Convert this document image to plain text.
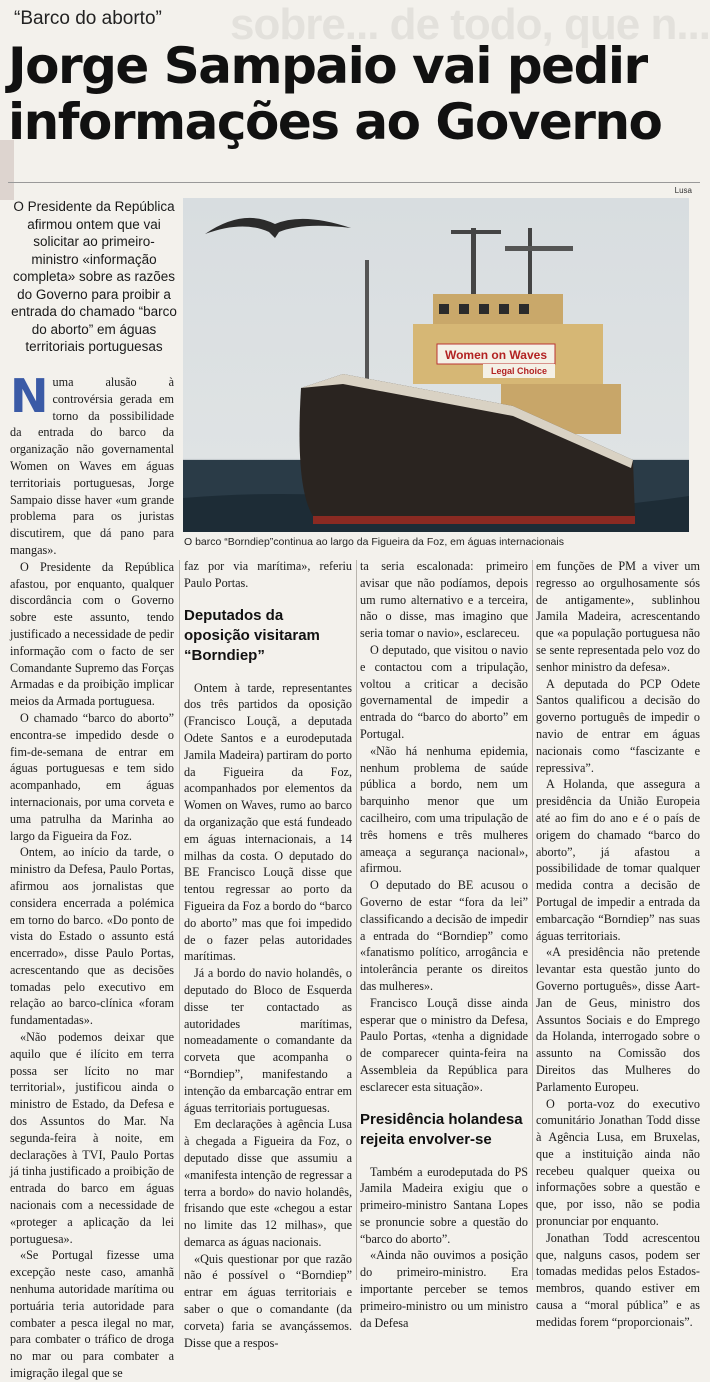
sobre... de todo, que n...
“Barco do aborto”
Jorge Sampaio vai pedir informações ao Governo
Lusa
O Presidente da República afirmou ontem que vai solicitar ao primeiro-ministro «informação completa» sobre as razões do Governo para proibir a entrada do chamado “barco do aborto” em águas territoriais portuguesas
Women on Waves
Legal Choice
O barco “Borndiep”continua ao largo da Figueira da Foz, em águas internacionais

Numa alusão à controvérsia gerada em torno da possibilidade da entrada do barco da organização não governamental Women on Waves em águas territoriais portuguesas, Jorge Sampaio disse haver «um grande problema para os juristas discutirem, que dá pano para mangas».

O Presidente da República afastou, por enquanto, qualquer discordância com o Governo sobre este assunto, tendo justificado a necessidade de pedir informação com o facto de ser Comandante Supremo das Forças Armadas e da proibição implicar meios da Armada portuguesa.

O chamado “barco do aborto” encontra-se impedido desde o fim-de-semana de entrar em águas portuguesas e tem sido acompanhado, em águas internacionais, por uma corveta e uma patrulha da Marinha ao largo da Figueira da Foz.

Ontem, ao início da tarde, o ministro da Defesa, Paulo Portas, afirmou aos jornalistas que considera encerrada a polémica em torno do barco. «Do ponto de vista do Estado o assunto está encerrado», disse Paulo Portas, acrescentando que as decisões tomadas pelo executivo em relação ao barco-clínica «foram fundamentadas».

«Não podemos deixar que aquilo que é ilícito em terra possa ser lícito no mar territorial», justificou ainda o ministro de Estado, da Defesa e dos Assuntos do Mar. Na segunda-feira à noite, em declarações à TVI, Paulo Portas já tinha justificado a proibição de entrada do barco em águas nacionais com a necessidade de «proteger a aplicação da lei portuguesa».

«Se Portugal fizesse uma excepção neste caso, amanhã nenhuma autoridade marítima ou portuária teria autoridade para combater a pesca ilegal no mar, para combater o tráfico de droga no mar ou para combater a imigração ilegal que se

faz por via marítima», referiu Paulo Portas.

Deputados da oposição visitaram “Borndiep”

Ontem à tarde, representantes dos três partidos da oposição (Francisco Louçã, a deputada Odete Santos e a eurodeputada Jamila Madeira) partiram do porto da Figueira da Foz, acompanhados por elementos da Women on Waves, rumo ao barco da organização que está fundeado em águas internacionais, a 14 milhas da costa. O deputado do BE Francisco Louçã disse que tentou regressar ao porto da Figueira da Foz a bordo do “barco do aborto” mas que foi impedido de o fazer pelas autoridades marítimas.

Já a bordo do navio holandês, o deputado do Bloco de Esquerda disse ter contactado as autoridades marítimas, nomeadamente o comandante da corveta que acompanha o “Borndiep”, manifestando a intenção da embarcação entrar em águas territoriais portuguesas.

Em declarações à agência Lusa à chegada a Figueira da Foz, o deputado disse que assumiu a «manifesta intenção de regressar a terra a bordo» do navio holandês, frisando que este «chegou a estar no limite das 12 milhas», que demarca as águas nacionais.

«Quis questionar por que razão não é possível o “Borndiep” entrar em águas territoriais e saber o que o comandante (da corveta) faria se avançássemos. Disse que a respos-

ta seria escalonada: primeiro avisar que não podíamos, depois um rumo alternativo e a terceira, não o disse, mas imagino que seria tomar o navio», esclareceu.

O deputado, que visitou o navio e contactou com a tripulação, voltou a criticar a decisão governamental de impedir a entrada do “barco do aborto” em Portugal.

«Não há nenhuma epidemia, nenhum problema de saúde pública a bordo, nem um barquinho menor que um cacilheiro, com uma tripulação de três homens e três mulheres ameaça a segurança nacional», afirmou.

O deputado do BE acusou o Governo de estar “fora da lei” classificando a decisão de impedir a entrada do “Borndiep” como «fanatismo político, arrogância e intolerância perante os direitos das mulheres».

Francisco Louçã disse ainda esperar que o ministro da Defesa, Paulo Portas, «tenha a dignidade de comparecer quinta-feira na Assembleia da República para esclarecer esta situação».

Presidência holandesa rejeita envolver-se

Também a eurodeputada do PS Jamila Madeira exigiu que o primeiro-ministro Santana Lopes se pronuncie sobre a questão do “barco do aborto”.

«Ainda não ouvimos a posição do primeiro-ministro. Era importante perceber se temos primeiro-ministro ou um ministro da Defesa

em funções de PM a viver um regresso ao orgulhosamente sós de antigamente», sublinhou Jamila Madeira, acrescentando que «a população portuguesa não se sente representada pelo voz do senhor ministro da defesa».

A deputada do PCP Odete Santos qualificou a decisão do governo português de impedir o navio de entrar em águas nacionais como “fascizante e repressiva”.

A Holanda, que assegura a presidência da União Europeia até ao fim do ano e é o país de origem do chamado “barco do aborto”, já afastou a possibilidade de tomar qualquer medida contra a decisão de Portugal de impedir a entrada da embarcação “Borndiep” nas suas águas territoriais.

«A presidência não pretende levantar esta questão junto do Governo português», disse Aart-Jan de Geus, ministro dos Assuntos Sociais e do Emprego da Holanda, interrogado sobre o assunto na Comissão dos Direitos das Mulheres do Parlamento Europeu.

O porta-voz do executivo comunitário Jonathan Todd disse à Agência Lusa, em Bruxelas, que a instituição ainda não recebeu qualquer queixa ou informações sobre a questão e que, por isso, não se podia pronunciar por enquanto.

Jonathan Todd acrescentou que, nalguns casos, podem ser tomadas medidas pelos Estados-membros, quando estiver em causa a “moral pública” e as medidas forem “proporcionais”.
